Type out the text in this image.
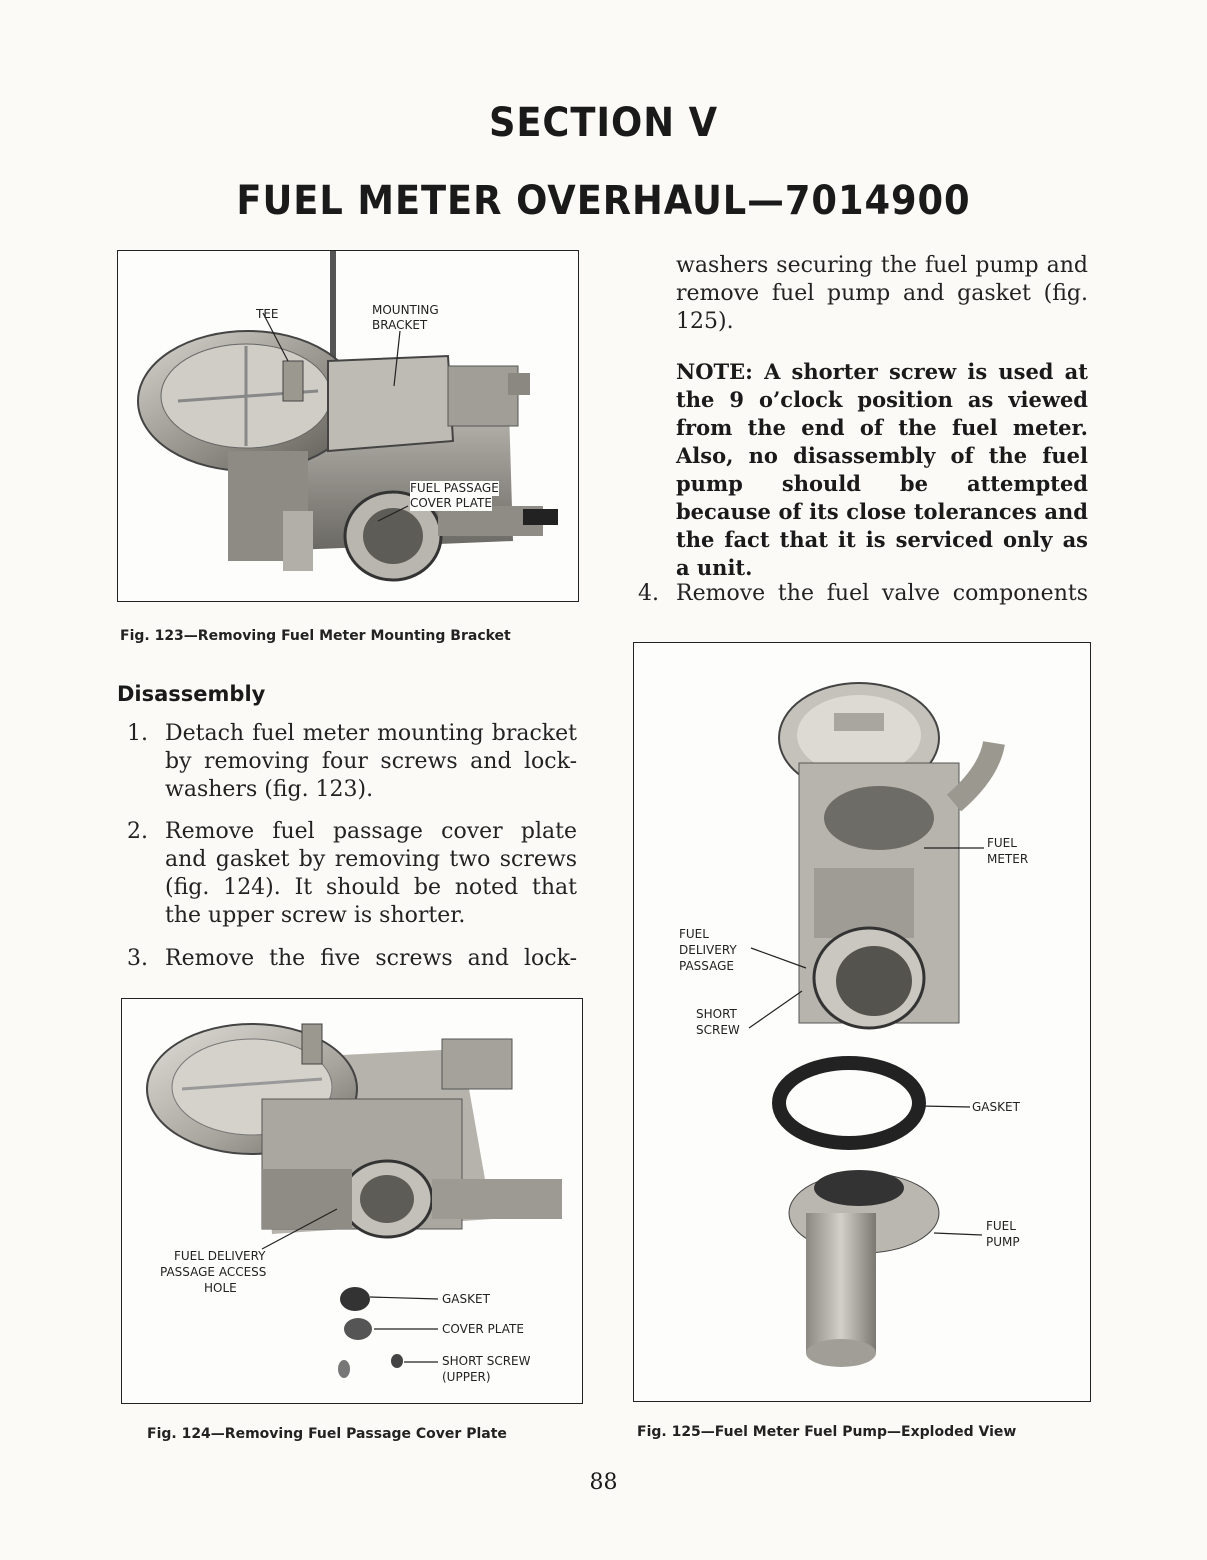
SECTION V
FUEL METER OVERHAUL—7014900
TEE	MOUNTING
BRACKET
FUEL PASSAGE
COVER PLATE
Fig. 123—Removing Fuel Meter Mounting Bracket
Disassembly
1. Detach fuel meter mounting bracket by removing four screws and lock-washers (fig. 123).
2. Remove fuel passage cover plate and gasket by removing two screws (fig. 124). It should be noted that the upper screw is shorter.
3. Remove the five screws and lock-
FUEL DELIVERY
PASSAGE ACCESS
HOLE
GASKET
COVER PLATE
SHORT SCREW
(UPPER)
Fig. 124—Removing Fuel Passage Cover Plate
washers securing the fuel pump and remove fuel pump and gasket (fig. 125).
NOTE: A shorter screw is used at the 9 o’clock position as viewed from the end of the fuel meter. Also, no disassembly of the fuel pump should be attempted because of its close tolerances and the fact that it is serviced only as a unit.
4. Remove the fuel valve components
FUEL
METER
FUEL
DELIVERY
PASSAGE
SHORT
SCREW
GASKET
FUEL
PUMP
Fig. 125—Fuel Meter Fuel Pump—Exploded View
88
